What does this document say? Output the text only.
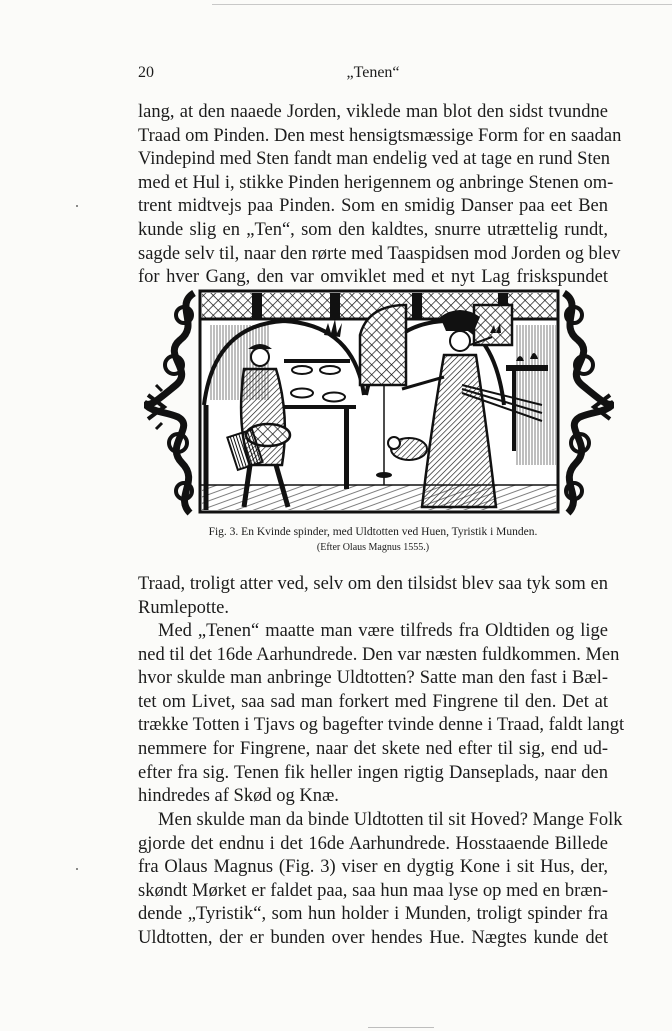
20	„Tenen“
lang, at den naaede Jorden, viklede man blot den sidst tvundne
Traad om Pinden. Den mest hensigtsmæssige Form for en saadan
Vindepind med Sten fandt man endelig ved at tage en rund Sten
med et Hul i, stikke Pinden herigennem og anbringe Stenen om-
trent midtvejs paa Pinden. Som en smidig Danser paa eet Ben
kunde slig en „Ten“, som den kaldtes, snurre utrættelig rundt,
sagde selv til, naar den rørte med Taaspidsen mod Jorden og blev
for hver Gang, den var omviklet med et nyt Lag friskspundet
Fig. 3. En Kvinde spinder, med Uldtotten ved Huen, Tyristik i Munden.
(Efter Olaus Magnus 1555.)
Traad, troligt atter ved, selv om den tilsidst blev saa tyk som en
Rumlepotte.
Med „Tenen“ maatte man være tilfreds fra Oldtiden og lige
ned til det 16de Aarhundrede. Den var næsten fuldkommen. Men
hvor skulde man anbringe Uldtotten? Satte man den fast i Bæl-
tet om Livet, saa sad man forkert med Fingrene til den. Det at
trække Totten i Tjavs og bagefter tvinde denne i Traad, faldt langt
nemmere for Fingrene, naar det skete ned efter til sig, end ud-
efter fra sig. Tenen fik heller ingen rigtig Danseplads, naar den
hindredes af Skød og Knæ.
Men skulde man da binde Uldtotten til sit Hoved? Mange Folk
gjorde det endnu i det 16de Aarhundrede. Hosstaaende Billede
fra Olaus Magnus (Fig. 3) viser en dygtig Kone i sit Hus, der,
skøndt Mørket er faldet paa, saa hun maa lyse op med en bræn-
dende „Tyristik“, som hun holder i Munden, troligt spinder fra
Uldtotten, der er bunden over hendes Hue. Nægtes kunde det
